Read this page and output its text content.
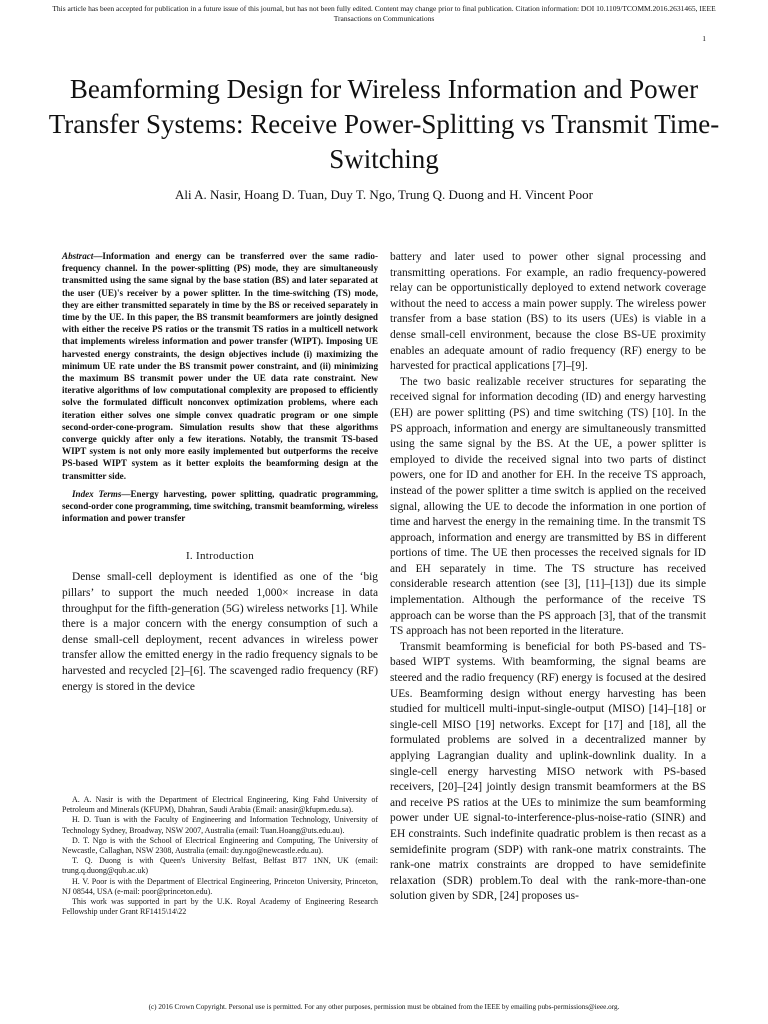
This article has been accepted for publication in a future issue of this journal, but has not been fully edited. Content may change prior to final publication. Citation information: DOI 10.1109/TCOMM.2016.2631465, IEEE
Transactions on Communications
1
Beamforming Design for Wireless Information and Power Transfer Systems: Receive Power-Splitting vs Transmit Time-Switching
Ali A. Nasir, Hoang D. Tuan, Duy T. Ngo, Trung Q. Duong and H. Vincent Poor

Abstract—Information and energy can be transferred over the same radio-frequency channel. In the power-splitting (PS) mode, they are simultaneously transmitted using the same signal by the base station (BS) and later separated at the user (UE)'s receiver by a power splitter. In the time-switching (TS) mode, they are either transmitted separately in time by the BS or received separately in time by the UE. In this paper, the BS transmit beamformers are jointly designed with either the receive PS ratios or the transmit TS ratios in a multicell network that implements wireless information and power transfer (WIPT). Imposing UE harvested energy constraints, the design objectives include (i) maximizing the minimum UE rate under the BS transmit power constraint, and (ii) minimizing the maximum BS transmit power under the UE data rate constraint. New iterative algorithms of low computational complexity are proposed to efficiently solve the formulated difficult nonconvex optimization problems, where each iteration either solves one simple convex quadratic program or one simple second-order-cone-program. Simulation results show that these algorithms converge quickly after only a few iterations. Notably, the transmit TS-based WIPT system is not only more easily implemented but outperforms the receive PS-based WIPT system as it better exploits the beamforming design at the transmitter side.

Index Terms—Energy harvesting, power splitting, quadratic programming, second-order cone programming, time switching, transmit beamforming, wireless information and power transfer

I. Introduction

Dense small-cell deployment is identified as one of the ‘big pillars’ to support the much needed 1,000× increase in data throughput for the fifth-generation (5G) wireless networks [1]. While there is a major concern with the energy consumption of such a dense small-cell deployment, recent advances in wireless power transfer allow the emitted energy in the radio frequency signals to be harvested and recycled [2]–[6]. The scavenged radio frequency (RF) energy is stored in the device

A. A. Nasir is with the Department of Electrical Engineering, King Fahd University of Petroleum and Minerals (KFUPM), Dhahran, Saudi Arabia (Email: anasir@kfupm.edu.sa).

H. D. Tuan is with the Faculty of Engineering and Information Technology, University of Technology Sydney, Broadway, NSW 2007, Australia (email: Tuan.Hoang@uts.edu.au).

D. T. Ngo is with the School of Electrical Engineering and Computing, The University of Newcastle, Callaghan, NSW 2308, Australia (email: duy.ngo@newcastle.edu.au).

T. Q. Duong is with Queen's University Belfast, Belfast BT7 1NN, UK (email: trung.q.duong@qub.ac.uk)

H. V. Poor is with the Department of Electrical Engineering, Princeton University, Princeton, NJ 08544, USA (e-mail: poor@princeton.edu).

This work was supported in part by the U.K. Royal Academy of Engineering Research Fellowship under Grant RF1415\14\22

battery and later used to power other signal processing and transmitting operations. For example, an radio frequency-powered relay can be opportunistically deployed to extend network coverage without the need to access a main power supply. The wireless power transfer from a base station (BS) to its users (UEs) is viable in a dense small-cell environment, because the close BS-UE proximity enables an adequate amount of radio frequency (RF) energy to be harvested for practical applications [7]–[9].

The two basic realizable receiver structures for separating the received signal for information decoding (ID) and energy harvesting (EH) are power splitting (PS) and time switching (TS) [10]. In the PS approach, information and energy are simultaneously transmitted using the same signal by the BS. At the UE, a power splitter is employed to divide the received signal into two parts of distinct powers, one for ID and another for EH. In the receive TS approach, instead of the power splitter a time switch is applied on the received signal, allowing the UE to decode the information in one portion of time and harvest the energy in the remaining time. In the transmit TS approach, information and energy are transmitted by BS in different portions of time. The UE then processes the received signals for ID and EH separately in time. The TS structure has received considerable research attention (see [3], [11]–[13]) due its simple implementation. Although the performance of the receive TS approach can be worse than the PS approach [3], that of the transmit TS approach has not been reported in the literature.

Transmit beamforming is beneficial for both PS-based and TS-based WIPT systems. With beamforming, the signal beams are steered and the radio frequency (RF) energy is focused at the desired UEs. Beamforming design without energy harvesting has been studied for multicell multi-input-single-output (MISO) [14]–[18] or single-cell MISO [19] networks. Except for [17] and [18], all the formulated problems are solved in a decentralized manner by applying Lagrangian duality and uplink-downlink duality. In a single-cell energy harvesting MISO network with PS-based receivers, [20]–[24] jointly design transmit beamformers at the BS and receive PS ratios at the UEs to minimize the sum beamforming power under UE signal-to-interference-plus-noise-ratio (SINR) and EH constraints. Such indefinite quadratic problem is then recast as a semidefinite program (SDP) with rank-one matrix constraints. The rank-one matrix constraints are dropped to have semidefinite relaxation (SDR) problem.To deal with the rank-more-than-one solution given by SDR, [24] proposes us-

(c) 2016 Crown Copyright. Personal use is permitted. For any other purposes, permission must be obtained from the IEEE by emailing pubs-permissions@ieee.org.
